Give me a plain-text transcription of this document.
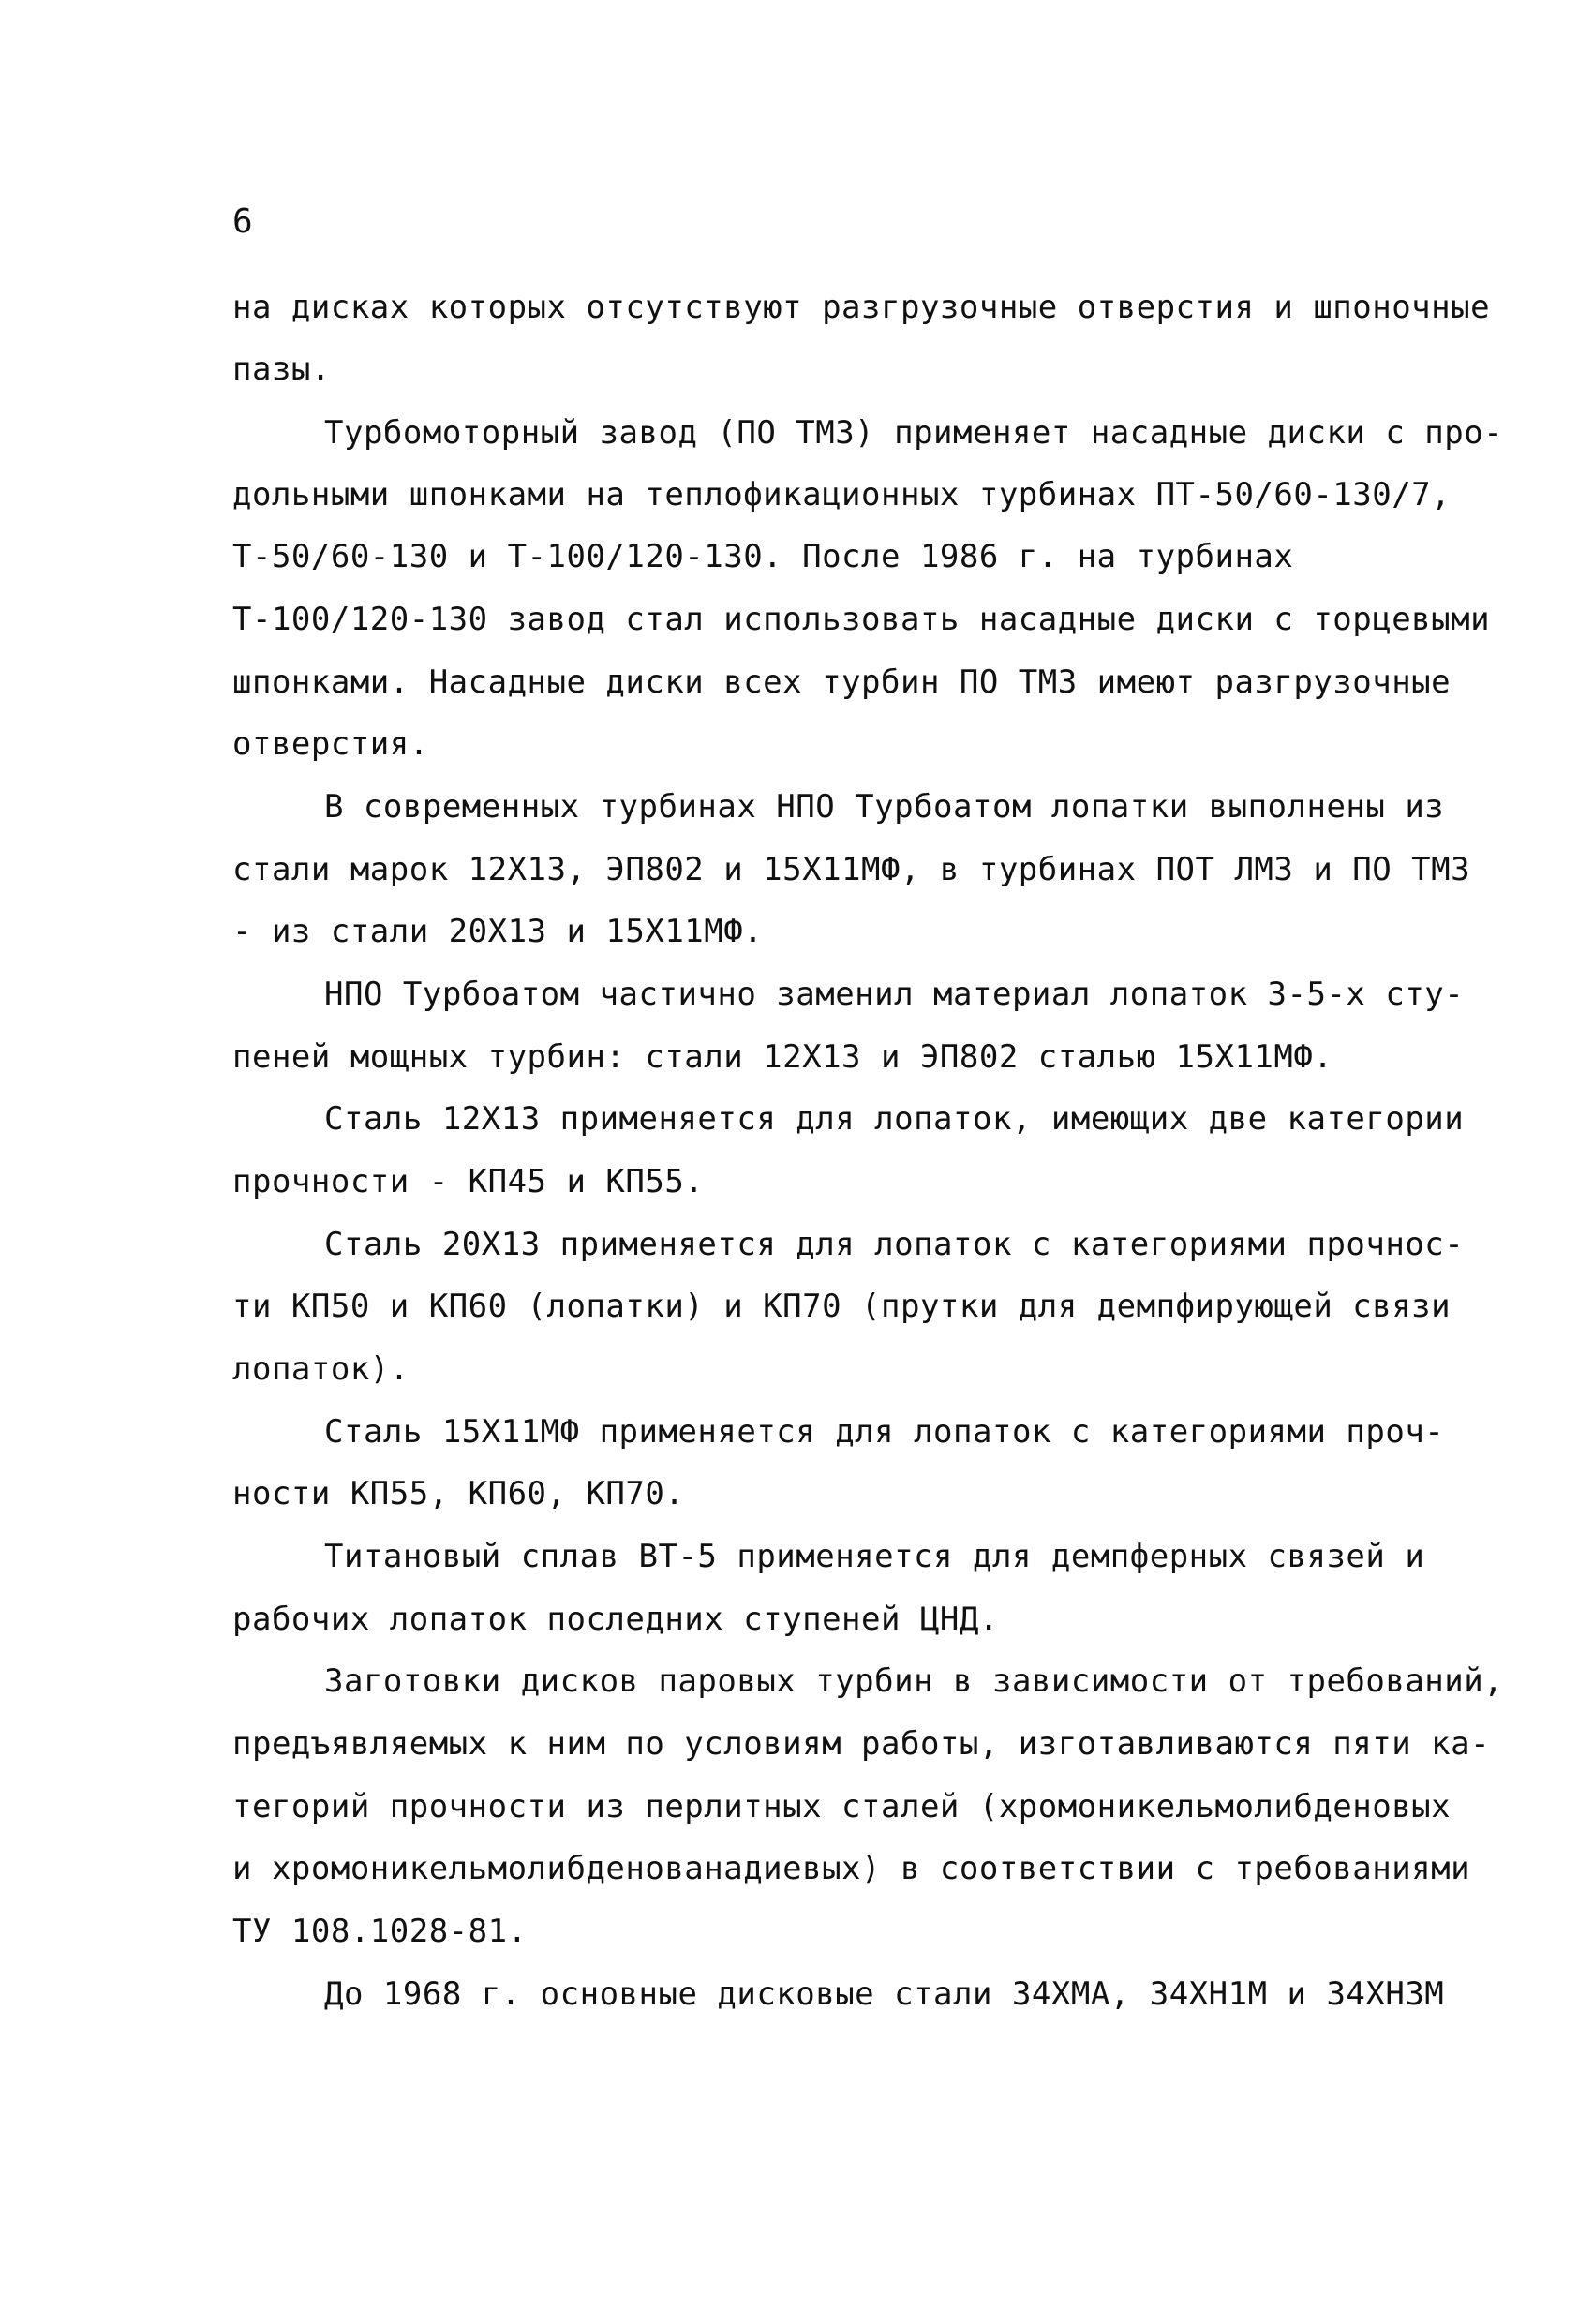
6
на дисках которых отсутствуют разгрузочные отверстия и шпоночные
пазы.
Турбомоторный завод (ПО ТМЗ) применяет насадные диски с про-
дольными шпонками на теплофикационных турбинах ПТ-50/60-130/7,
Т-50/60-130 и Т-100/120-130. После 1986 г. на турбинах
Т-100/120-130 завод стал использовать насадные диски с торцевыми
шпонками. Насадные диски всех турбин ПО ТМЗ имеют разгрузочные
отверстия.
В современных турбинах НПО Турбоатом лопатки выполнены из
стали марок 12Х13, ЭП802 и 15Х11МФ, в турбинах ПОТ ЛМЗ и ПО ТМЗ
- из стали 20Х13 и 15Х11МФ.
НПО Турбоатом частично заменил материал лопаток 3-5-х сту-
пеней мощных турбин: стали 12Х13 и ЭП802 сталью 15Х11МФ.
Сталь 12Х13 применяется для лопаток, имеющих две категории
прочности - КП45 и КП55.
Сталь 20Х13 применяется для лопаток с категориями прочнос-
ти КП50 и КП60 (лопатки) и КП70 (прутки для демпфирующей связи
лопаток).
Сталь 15Х11МФ применяется для лопаток с категориями проч-
ности КП55, КП60, КП70.
Титановый сплав ВТ-5 применяется для демпферных связей и
рабочих лопаток последних ступеней ЦНД.
Заготовки дисков паровых турбин в зависимости от требований,
предъявляемых к ним по условиям работы, изготавливаются пяти ка-
тегорий прочности из перлитных сталей (хромоникельмолибденовых
и хромоникельмолибденованадиевых) в соответствии с требованиями
ТУ 108.1028-81.
До 1968 г. основные дисковые стали 34ХМА, 34ХН1М и 34ХН3М
